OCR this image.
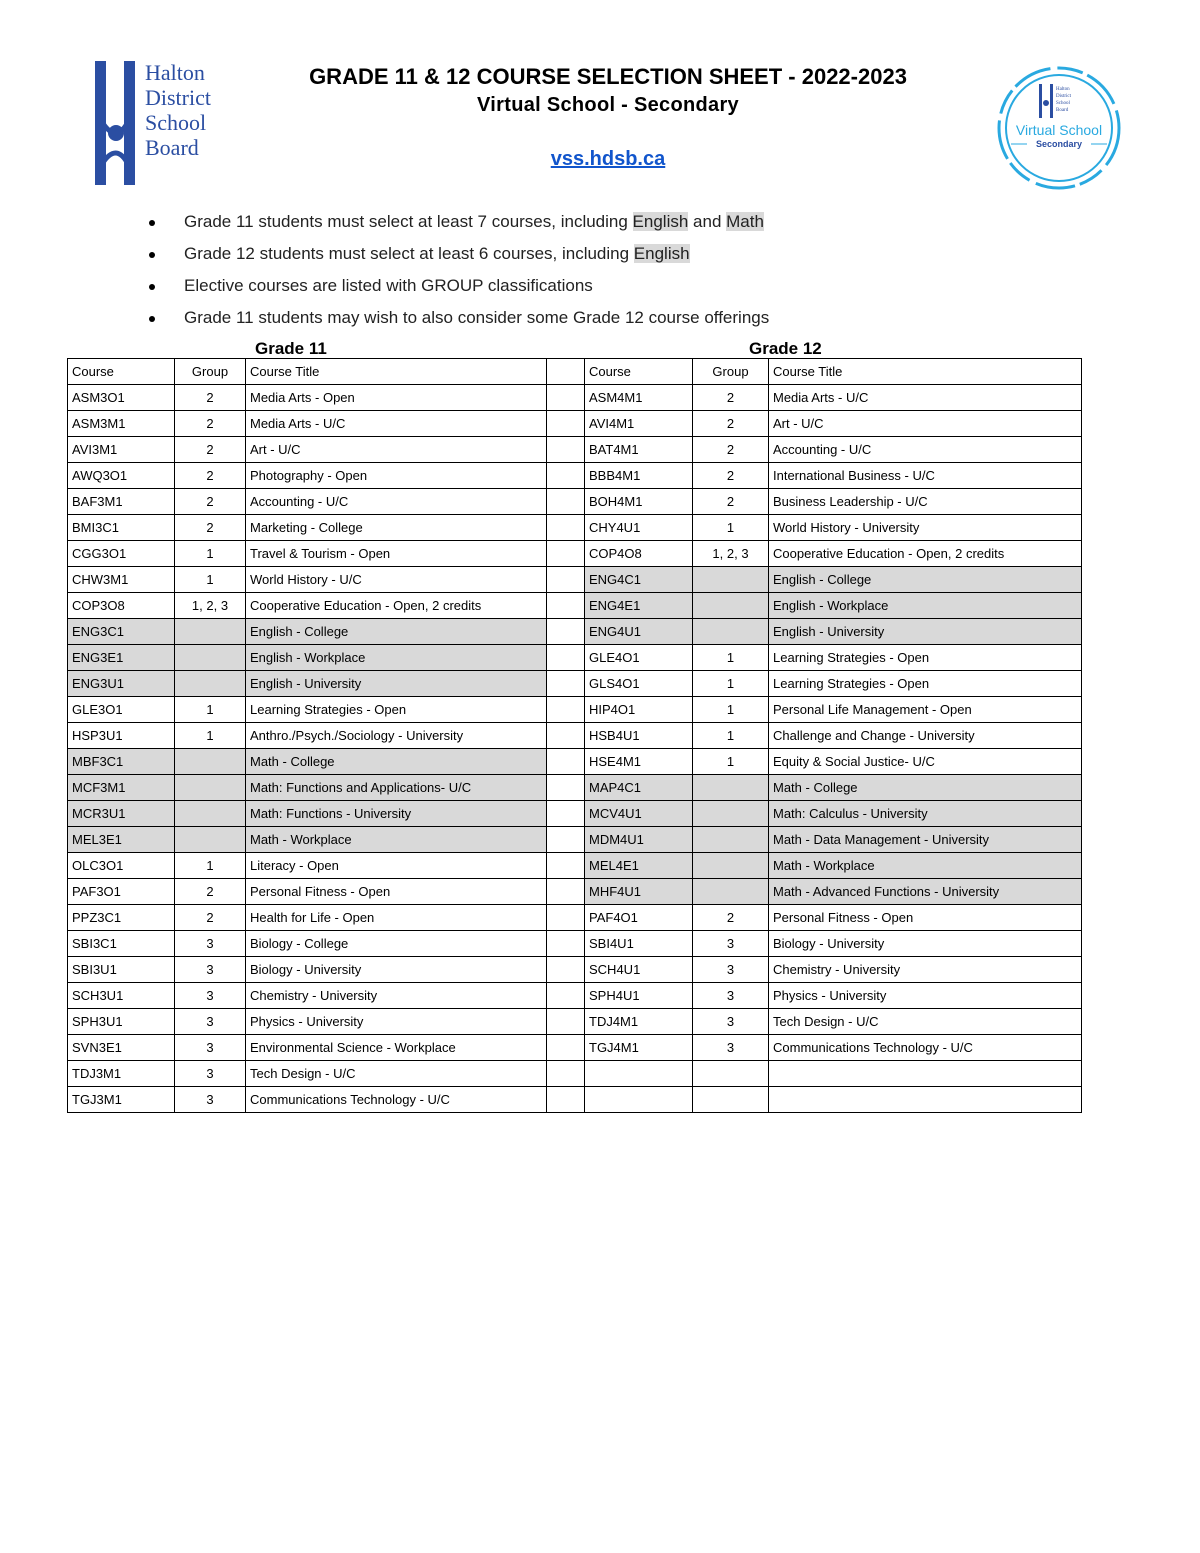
Halton
District
School
Board
GRADE 11 & 12 COURSE SELECTION SHEET - 2022-2023
Virtual School - Secondary
vss.hdsb.ca
Halton
District
School
Board
Virtual School
Secondary
Grade 11 students must select at least 7 courses, including English and Math
Grade 12 students must select at least 6 courses, including English
Elective courses are listed with GROUP classifications
Grade 11 students may wish to also consider some Grade 12 course offerings
Grade 11	Grade 12
Course	Group	Course Title		Course	Group	Course Title
ASM3O1	2	Media Arts - Open		ASM4M1	2	Media Arts - U/C
ASM3M1	2	Media Arts - U/C		AVI4M1	2	Art - U/C
AVI3M1	2	Art - U/C		BAT4M1	2	Accounting - U/C
AWQ3O1	2	Photography - Open		BBB4M1	2	International Business - U/C
BAF3M1	2	Accounting - U/C		BOH4M1	2	Business Leadership - U/C
BMI3C1	2	Marketing - College		CHY4U1	1	World History - University
CGG3O1	1	Travel & Tourism - Open		COP4O8	1, 2, 3	Cooperative Education - Open, 2 credits
CHW3M1	1	World History - U/C		ENG4C1		English - College
COP3O8	1, 2, 3	Cooperative Education - Open, 2 credits		ENG4E1		English - Workplace
ENG3C1		English - College		ENG4U1		English - University
ENG3E1		English - Workplace		GLE4O1	1	Learning Strategies - Open
ENG3U1		English - University		GLS4O1	1	Learning Strategies - Open
GLE3O1	1	Learning Strategies - Open		HIP4O1	1	Personal Life Management - Open
HSP3U1	1	Anthro./Psych./Sociology - University		HSB4U1	1	Challenge and Change - University
MBF3C1		Math - College		HSE4M1	1	Equity & Social Justice- U/C
MCF3M1		Math: Functions and Applications- U/C		MAP4C1		Math - College
MCR3U1		Math: Functions - University		MCV4U1		Math: Calculus - University
MEL3E1		Math - Workplace		MDM4U1		Math - Data Management - University
OLC3O1	1	Literacy - Open		MEL4E1		Math - Workplace
PAF3O1	2	Personal Fitness - Open		MHF4U1		Math - Advanced Functions - University
PPZ3C1	2	Health for Life - Open		PAF4O1	2	Personal Fitness - Open
SBI3C1	3	Biology - College		SBI4U1	3	Biology - University
SBI3U1	3	Biology - University		SCH4U1	3	Chemistry - University
SCH3U1	3	Chemistry - University		SPH4U1	3	Physics - University
SPH3U1	3	Physics - University		TDJ4M1	3	Tech Design - U/C
SVN3E1	3	Environmental Science - Workplace		TGJ4M1	3	Communications Technology - U/C
TDJ3M1	3	Tech Design - U/C				
TGJ3M1	3	Communications Technology - U/C				
